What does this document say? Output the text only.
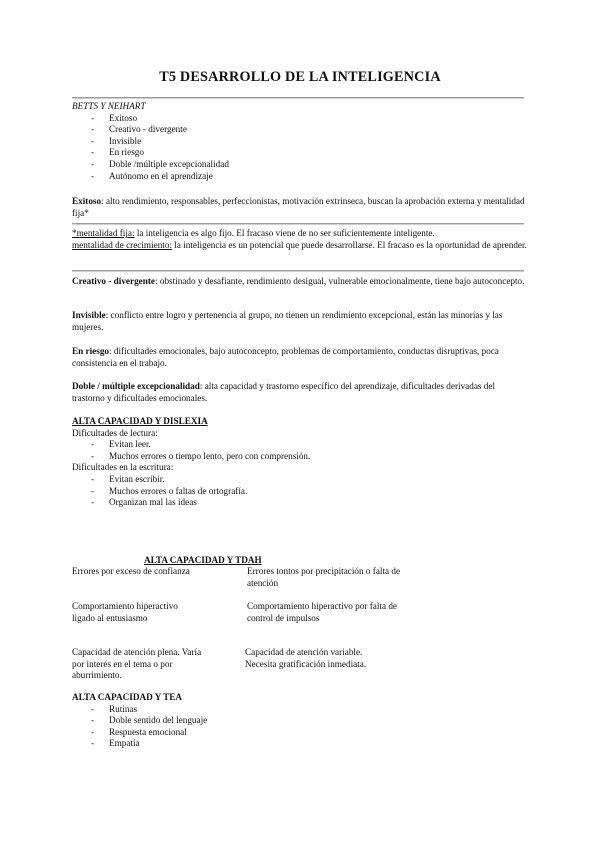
T5 DESARROLLO DE LA INTELIGENCIA
BETTS Y NEIHART
- Exitoso
- Creativo - divergente
- Invisible
- En riesgo
- Doble /múltiple excepcionalidad
- Autónomo en el aprendizaje
Exitoso: alto rendimiento, responsables, perfeccionistas, motivación extrínseca, buscan la aprobación externa y mentalidad fija*
*mentalidad fija: la inteligencia es algo fijo. El fracaso viene de no ser suficientemente inteligente.
mentalidad de crecimiento: la inteligencia es un potencial que puede desarrollarse. El fracaso es la oportunidad de aprender.
Creativo - divergente: obstinado y desafiante, rendimiento desigual, vulnerable emocionalmente, tiene bajo autoconcepto.
Invisible: conflicto entre logro y pertenencia al grupo, no tienen un rendimiento excepcional, están las minorías y las mujeres.
En riesgo: dificultades emocionales, bajo autoconcepto, problemas de comportamiento, conductas disruptivas, poca consistencia en el trabajo.
Doble / múltiple excepcionalidad: alta capacidad y trastorno específico del aprendizaje, dificultades derivadas del trastorno y dificultades emocionales.
ALTA CAPACIDAD Y DISLEXIA
Dificultades de lectura:
- Evitan leer.
- Muchos errores o tiempo lento, pero con comprensión.
Dificultades en la escritura:
- Evitan escribir.
- Muchos errores o faltas de ortografía.
- Organizan mal las ideas
ALTA CAPACIDAD Y TDAH
Errores por exceso de confianza	Errores tontos por precipitación o falta de atención
Comportamiento hiperactivo ligado al entusiasmo
Comportamiento hiperactivo por falta de control de impulsos
Capacidad de atención plena. Varía por interés en el tema o por aburrimiento.
Capacidad de atención variable. Necesita gratificación inmediata.
ALTA CAPACIDAD Y TEA
- Rutinas
- Doble sentido del lenguaje
- Respuesta emocional
- Empatía
